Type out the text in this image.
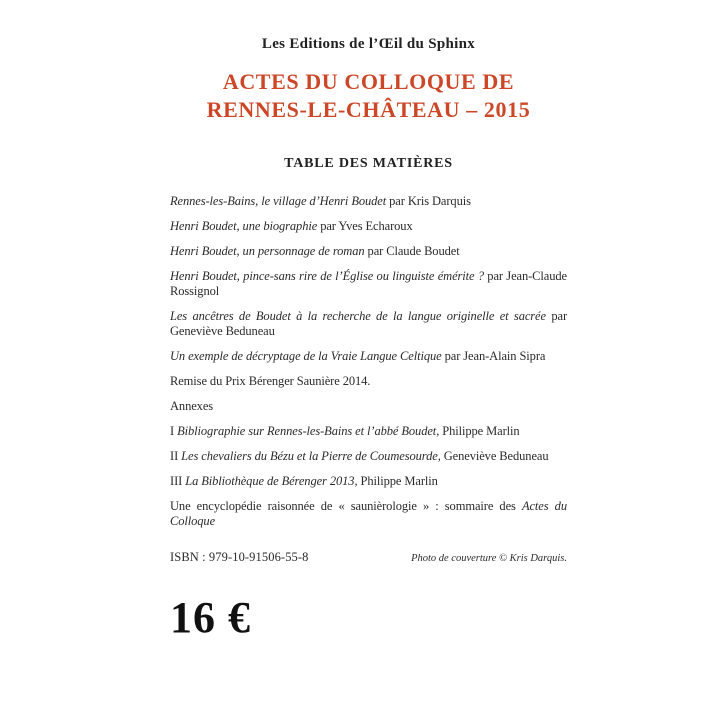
Les Editions de l’Œil du Sphinx
ACTES DU COLLOQUE DE
RENNES-LE-CHÂTEAU – 2015
TABLE DES MATIÈRES

Rennes-les-Bains, le village d’Henri Boudet par Kris Darquis

Henri Boudet, une biographie par Yves Echaroux

Henri Boudet, un personnage de roman par Claude Boudet

Henri Boudet, pince-sans rire de l’Église ou linguiste émérite ? par Jean-Claude Rossignol

Les ancêtres de Boudet à la recherche de la langue originelle et sacrée par Geneviève Beduneau

Un exemple de décryptage de la Vraie Langue Celtique par Jean-Alain Sipra

Remise du Prix Bérenger Saunière 2014.

Annexes

I Bibliographie sur Rennes-les-Bains et l’abbé Boudet, Philippe Marlin

II Les chevaliers du Bézu et la Pierre de Coumesourde, Geneviève Beduneau

III La Bibliothèque de Bérenger 2013, Philippe Marlin

Une encyclopédie raisonnée de « saunièrologie » : sommaire des Actes du Colloque

ISBN : 979-10-91506-55-8	Photo de couverture © Kris Darquis.
16 €
